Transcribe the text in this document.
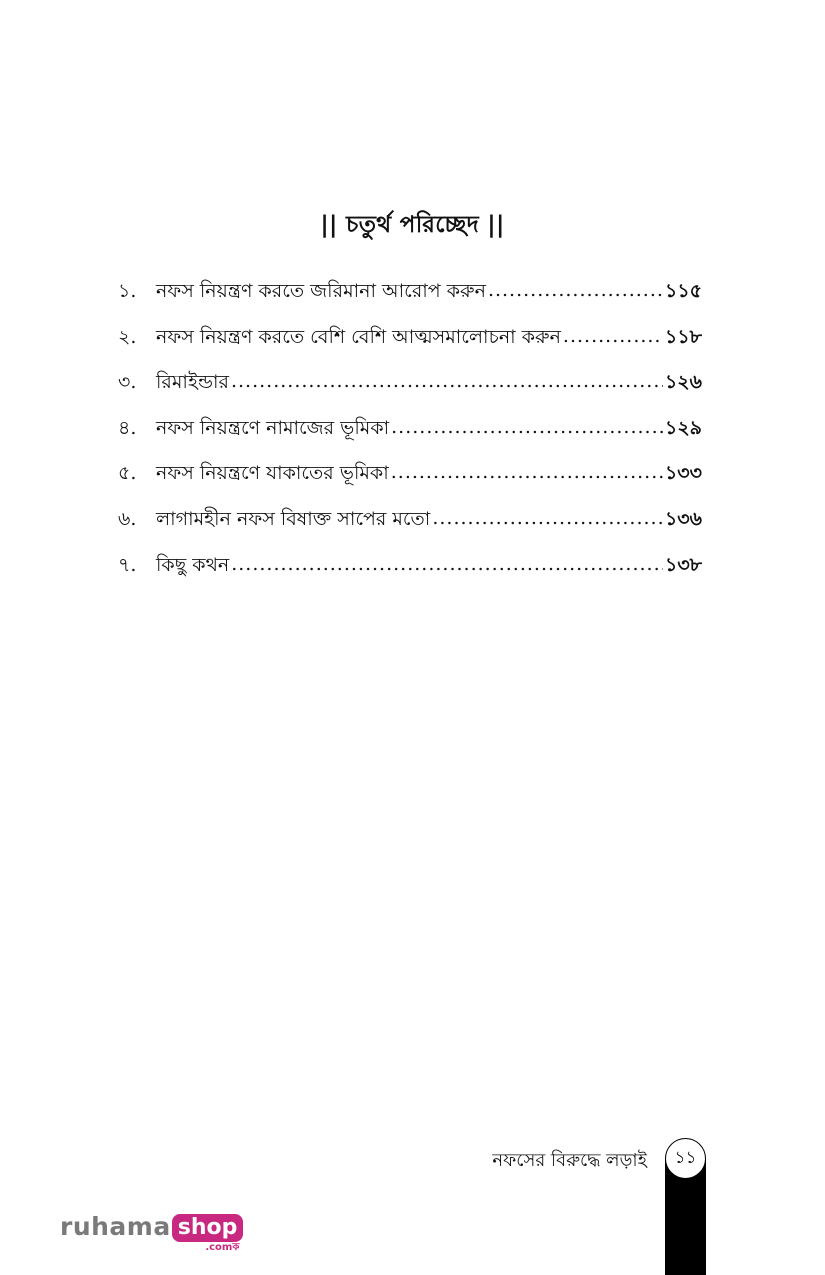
|| চতুর্থ পরিচ্ছেদ ||
১.	নফস নিয়ন্ত্রণ করতে জরিমানা আরোপ করুন .....	১১৫
২.	নফস নিয়ন্ত্রণ করতে বেশি বেশি আত্মসমালোচনা করুন .....	১১৮
৩.	রিমাইন্ডার .....	১২৬
৪.	নফস নিয়ন্ত্রণে নামাজের ভূমিকা .....	১২৯
৫.	নফস নিয়ন্ত্রণে যাকাতের ভূমিকা .....	১৩৩
৬.	লাগামহীন নফস বিষাক্ত সাপের মতো .....	১৩৬
৭.	কিছু কথন .....	১৩৮
নফসের বিরুদ্ধে লড়াই	১১
ruhama shop
.comক
